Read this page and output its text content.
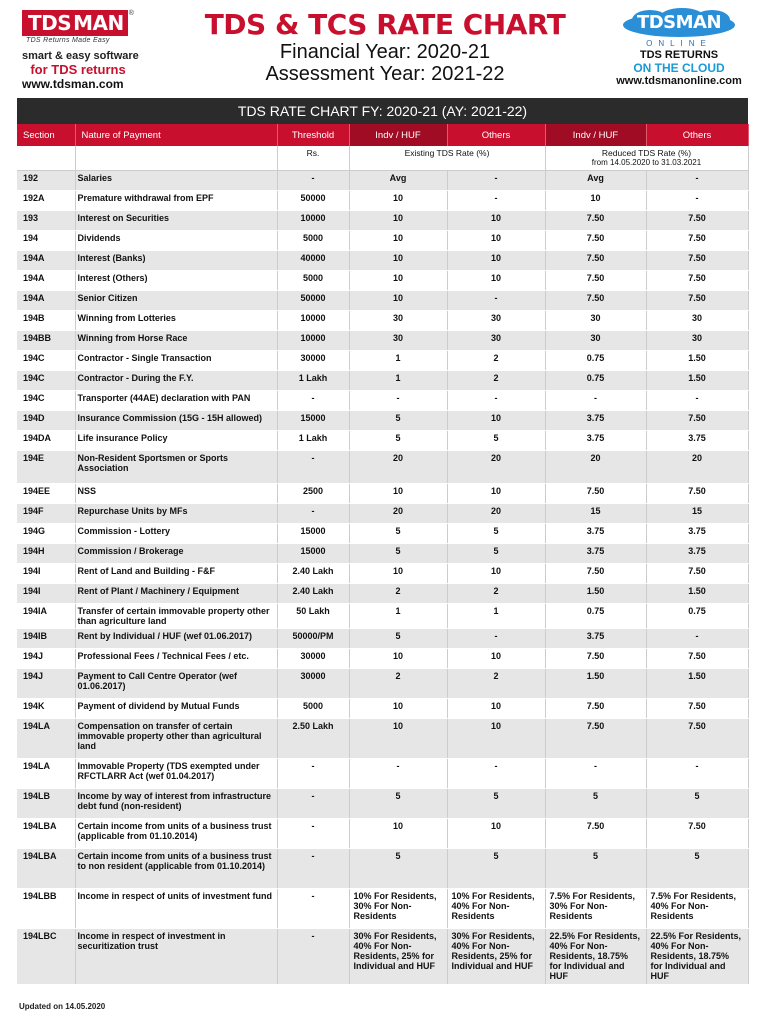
TDS MAN ®
TDS Returns Made Easy
smart & easy software
for TDS returns
www.tdsman.com
TDS & TCS RATE CHART
Financial Year: 2020-21
Assessment Year: 2021-22
TDSMAN
ONLINE
TDS RETURNS
ON THE CLOUD
www.tdsmanonline.com
TDS RATE CHART FY: 2020-21 (AY: 2021-22)
Section	Nature of Payment	Threshold	Indv / HUF	Others	Indv / HUF	Others
		Rs.	Existing TDS Rate (%)		Reduced TDS Rate (%)
from 14.05.2020 to 31.03.2021	

192	Salaries	-	Avg	-	Avg	-
192A	Premature withdrawal from EPF	50000	10	-	10	-
193	Interest on Securities	10000	10	10	7.50	7.50
194	Dividends	5000	10	10	7.50	7.50
194A	Interest (Banks)	40000	10	10	7.50	7.50
194A	Interest (Others)	5000	10	10	7.50	7.50
194A	Senior Citizen	50000	10	-	7.50	7.50
194B	Winning from Lotteries	10000	30	30	30	30
194BB	Winning from Horse Race	10000	30	30	30	30
194C	Contractor - Single Transaction	30000	1	2	0.75	1.50
194C	Contractor - During the F.Y.	1 Lakh	1	2	0.75	1.50
194C	Transporter (44AE) declaration with PAN	-	-	-	-	-
194D	Insurance Commission (15G - 15H allowed)	15000	5	10	3.75	7.50
194DA	Life insurance Policy	1 Lakh	5	5	3.75	3.75
194E	Non-Resident Sportsmen or Sports Association	-	20	20	20	20
194EE	NSS	2500	10	10	7.50	7.50
194F	Repurchase Units by MFs	-	20	20	15	15
194G	Commission - Lottery	15000	5	5	3.75	3.75
194H	Commission / Brokerage	15000	5	5	3.75	3.75
194I	Rent of Land and Building - F&F	2.40 Lakh	10	10	7.50	7.50
194I	Rent of Plant / Machinery / Equipment	2.40 Lakh	2	2	1.50	1.50
194IA	Transfer of certain immovable property other than agriculture land	50 Lakh	1	1	0.75	0.75
194IB	Rent by Individual / HUF (wef 01.06.2017)	50000/PM	5	-	3.75	-
194J	Professional Fees / Technical Fees / etc.	30000	10	10	7.50	7.50
194J	Payment to Call Centre Operator (wef 01.06.2017)	30000	2	2	1.50	1.50
194K	Payment of dividend by Mutual Funds	5000	10	10	7.50	7.50
194LA	Compensation on transfer of certain immovable property other than agricultural land	2.50 Lakh	10	10	7.50	7.50
194LA	Immovable Property (TDS exempted under RFCTLARR Act (wef 01.04.2017)	-	-	-	-	-
194LB	Income by way of interest from infrastructure debt fund (non-resident)	-	5	5	5	5
194LBA	Certain income from units of a business trust (applicable from 01.10.2014)	-	10	10	7.50	7.50
194LBA	Certain income from units of a business trust to non resident (applicable from 01.10.2014)	-	5	5	5	5
194LBB	Income in respect of units of investment fund	-	10% For Residents, 30% For Non-Residents	10% For Residents, 40% For Non-Residents	7.5% For Residents, 30% For Non-Residents	7.5% For Residents, 40% For Non-Residents
194LBC	Income in respect of investment in securitization trust	-	30% For Residents, 40% For Non-Residents, 25% for Individual and HUF	30% For Residents, 40% For Non-Residents, 25% for Individual and HUF	22.5% For Residents, 40% For Non-Residents, 18.75% for Individual and HUF	22.5% For Residents, 40% For Non-Residents, 18.75% for Individual and HUF
Updated on 14.05.2020
